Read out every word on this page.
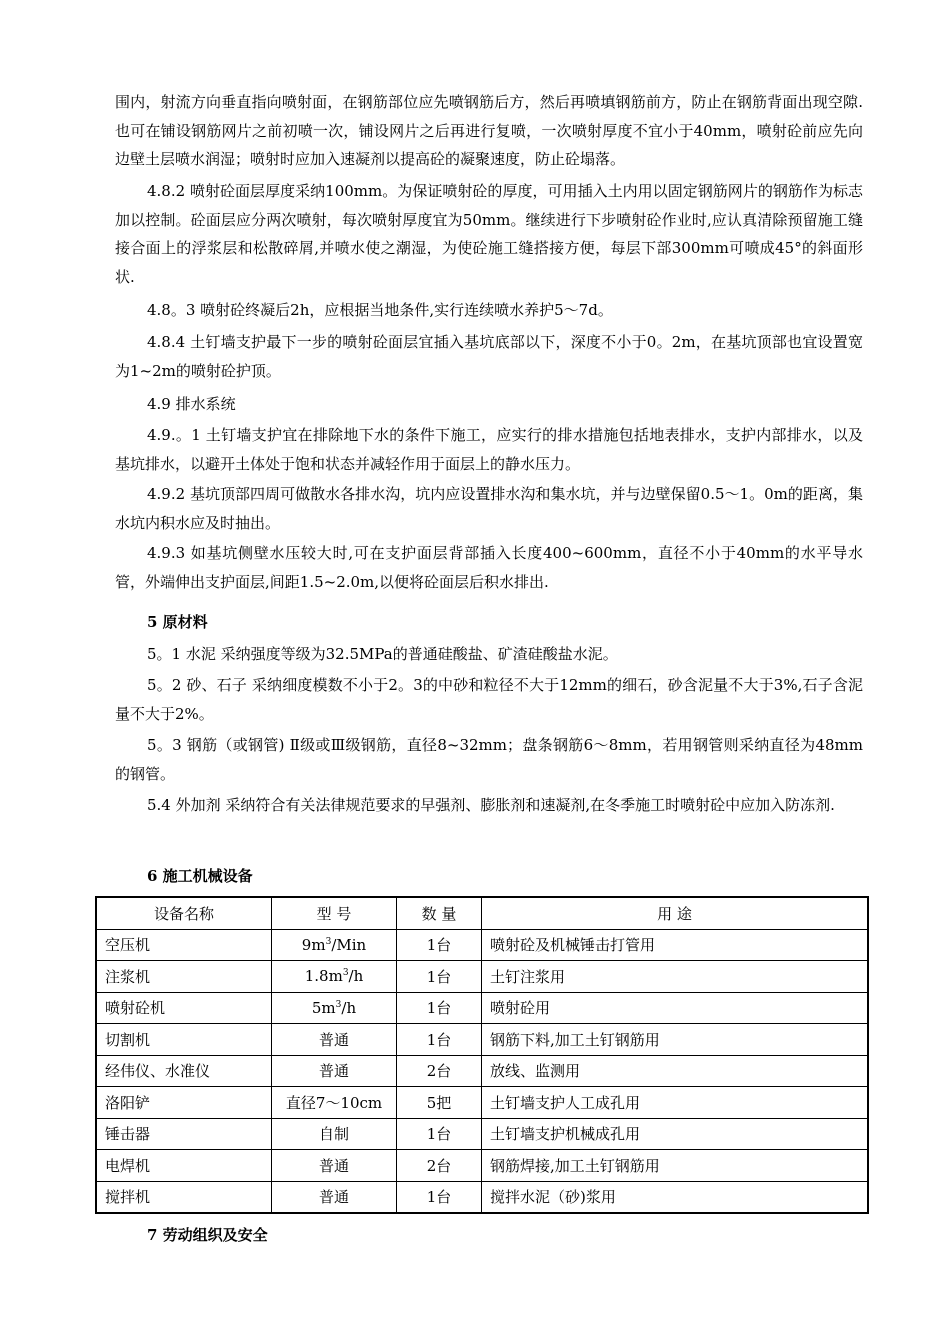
围内，射流方向垂直指向喷射面，在钢筋部位应先喷钢筋后方，然后再喷填钢筋前方，防止在钢筋背面出现空隙.也可在铺设钢筋网片之前初喷一次，铺设网片之后再进行复喷，一次喷射厚度不宜小于40mm，喷射砼前应先向边壁土层喷水润湿；喷射时应加入速凝剂以提高砼的凝聚速度，防止砼塌落。

4.8.2 喷射砼面层厚度采纳100mm。为保证喷射砼的厚度，可用插入土内用以固定钢筋网片的钢筋作为标志加以控制。砼面层应分两次喷射，每次喷射厚度宜为50mm。继续进行下步喷射砼作业时,应认真清除预留施工缝接合面上的浮浆层和松散碎屑,并喷水使之潮湿，为使砼施工缝搭接方便，每层下部300mm可喷成45°的斜面形状.

4.8。3 喷射砼终凝后2h，应根据当地条件,实行连续喷水养护5～7d。

4.8.4 土钉墙支护最下一步的喷射砼面层宜插入基坑底部以下，深度不小于0。2m，在基坑顶部也宜设置宽为1~2m的喷射砼护顶。

4.9 排水系统

4.9.。1 土钉墙支护宜在排除地下水的条件下施工，应实行的排水措施包括地表排水，支护内部排水，以及基坑排水，以避开土体处于饱和状态并减轻作用于面层上的静水压力。

4.9.2 基坑顶部四周可做散水各排水沟，坑内应设置排水沟和集水坑，并与边壁保留0.5～1。0m的距离，集水坑内积水应及时抽出。

4.9.3 如基坑侧壁水压较大时,可在支护面层背部插入长度400~600mm，直径不小于40mm的水平导水管，外端伸出支护面层,间距1.5~2.0m,以便将砼面层后积水排出.

5 原材料

5。1 水泥 采纳强度等级为32.5MPa的普通硅酸盐、矿渣硅酸盐水泥。

5。2 砂、石子 采纳细度模数不小于2。3的中砂和粒径不大于12mm的细石，砂含泥量不大于3%,石子含泥量不大于2%。

5。3 钢筋（或钢管) Ⅱ级或Ⅲ级钢筋，直径8~32mm；盘条钢筋6～8mm，若用钢管则采纳直径为48mm的钢管。

5.4 外加剂 采纳符合有关法律规范要求的早强剂、膨胀剂和速凝剂,在冬季施工时喷射砼中应加入防冻剂.

6 施工机械设备

设备名称	型 号	数 量	用 途
空压机	$9m^3$/Min	1台	喷射砼及机械锤击打管用
注浆机	$1.8m^3/h$	1台	土钉注浆用
喷射砼机	$5m^3/h$	1台	喷射砼用
切割机	普通	1台	钢筋下料,加工土钉钢筋用
经伟仪、水准仪	普通	2台	放线、监测用
洛阳铲	直径7～10cm	5把	土钉墙支护人工成孔用
锤击器	自制	1台	土钉墙支护机械成孔用
电焊机	普通	2台	钢筋焊接,加工土钉钢筋用
搅拌机	普通	1台	搅拌水泥（砂)浆用

7 劳动组织及安全
